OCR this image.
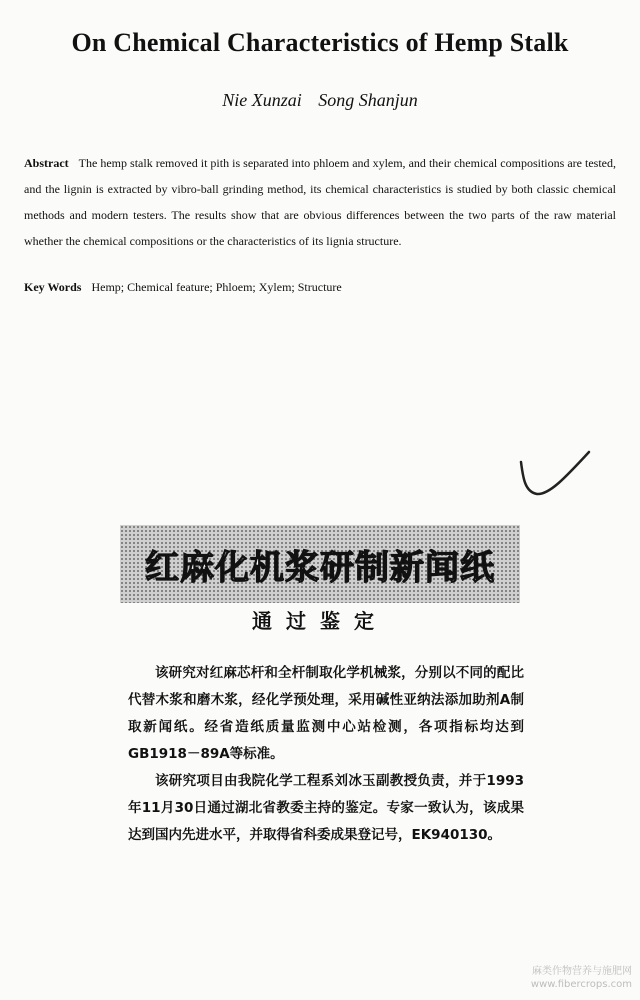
On Chemical Characteristics of Hemp Stalk
Nie Xunzai Song Shanjun
Abstract The hemp stalk removed it pith is separated into phloem and xylem, and their chemical compositions are tested, and the lignin is extracted by vibro-ball grinding method, its chemical characteristics is studied by both classic chemical methods and modern testers. The results show that are obvious differences between the two parts of the raw material whether the chemical compositions or the characteristics of its lignia structure.
Key Words Hemp; Chemical feature; Phloem; Xylem; Structure
红麻化机浆研制新闻纸
通过鉴定

该研究对红麻芯杆和全杆制取化学机械浆，分别以不同的配比代替木浆和磨木浆，经化学预处理，采用碱性亚纳法添加助剂A制取新闻纸。经省造纸质量监测中心站检测，各项指标均达到GB1918－89A等标准。

该研究项目由我院化学工程系刘冰玉副教授负责，并于1993年11月30日通过湖北省教委主持的鉴定。专家一致认为，该成果达到国内先进水平，并取得省科委成果登记号，EK940130。

麻类作物营养与施肥网
www.fibercrops.com
